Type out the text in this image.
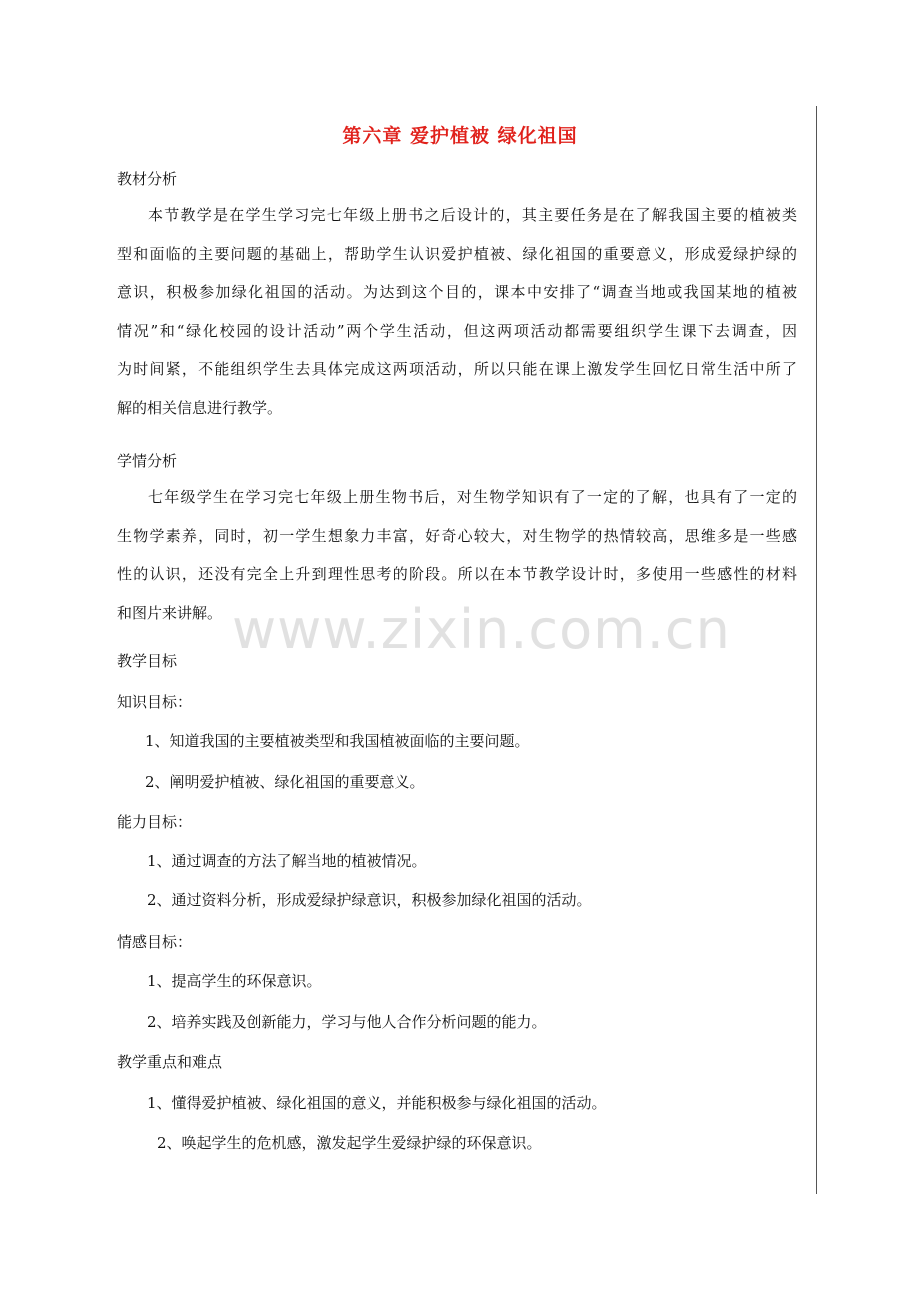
第六章 爱护植被 绿化祖国
教材分析
本节教学是在学生学习完七年级上册书之后设计的，其主要任务是在了解我国主要的植被类
型和面临的主要问题的基础上，帮助学生认识爱护植被、绿化祖国的重要意义，形成爱绿护绿的
意识，积极参加绿化祖国的活动。为达到这个目的，课本中安排了“调查当地或我国某地的植被
情况”和“绿化校园的设计活动”两个学生活动，但这两项活动都需要组织学生课下去调查，因
为时间紧，不能组织学生去具体完成这两项活动，所以只能在课上激发学生回忆日常生活中所了
解的相关信息进行教学。
学情分析
七年级学生在学习完七年级上册生物书后，对生物学知识有了一定的了解，也具有了一定的
生物学素养，同时，初一学生想象力丰富，好奇心较大，对生物学的热情较高，思维多是一些感
性的认识，还没有完全上升到理性思考的阶段。所以在本节教学设计时，多使用一些感性的材料
和图片来讲解。 www.zixin.com.cn
教学目标
知识目标：
1、知道我国的主要植被类型和我国植被面临的主要问题。
2、阐明爱护植被、绿化祖国的重要意义。
能力目标：
1、通过调查的方法了解当地的植被情况。
2、通过资料分析，形成爱绿护绿意识，积极参加绿化祖国的活动。
情感目标：
1、提高学生的环保意识。
2、培养实践及创新能力，学习与他人合作分析问题的能力。
教学重点和难点
1、懂得爱护植被、绿化祖国的意义，并能积极参与绿化祖国的活动。
2、唤起学生的危机感，激发起学生爱绿护绿的环保意识。
